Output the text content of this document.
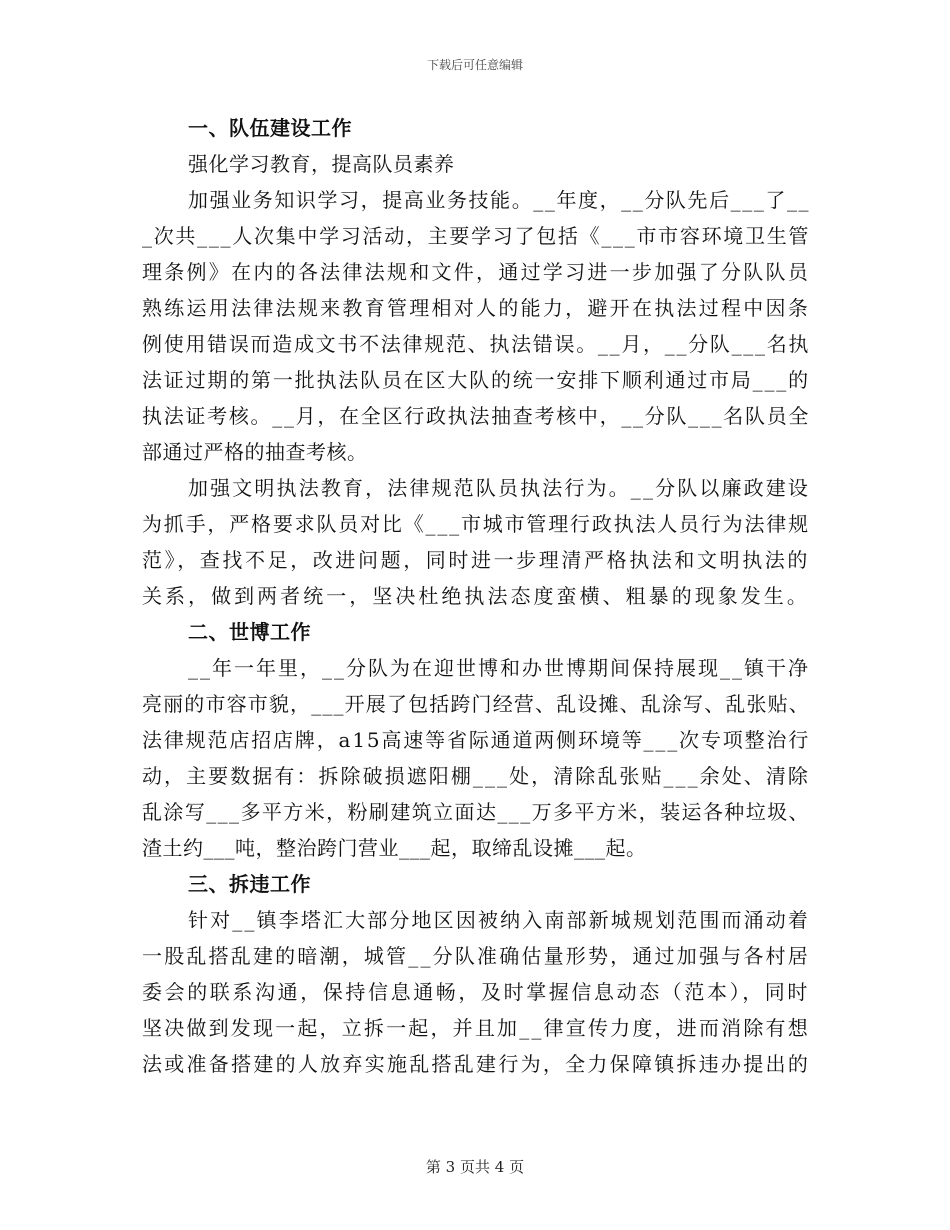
下载后可任意编辑
一、队伍建设工作
强化学习教育，提高队员素养
加强业务知识学习，提高业务技能。__年度，__分队先后___了__
_次共___人次集中学习活动，主要学习了包括《___市市容环境卫生管
理条例》在内的各法律法规和文件，通过学习进一步加强了分队队员
熟练运用法律法规来教育管理相对人的能力，避开在执法过程中因条
例使用错误而造成文书不法律规范、执法错误。__月，__分队___名执
法证过期的第一批执法队员在区大队的统一安排下顺利通过市局___的
执法证考核。__月，在全区行政执法抽查考核中，__分队___名队员全
部通过严格的抽查考核。
加强文明执法教育，法律规范队员执法行为。__分队以廉政建设
为抓手，严格要求队员对比《___市城市管理行政执法人员行为法律规
范》，查找不足，改进问题，同时进一步理清严格执法和文明执法的
关系，做到两者统一，坚决杜绝执法态度蛮横、粗暴的现象发生。
二、世博工作
__年一年里，__分队为在迎世博和办世博期间保持展现__镇干净
亮丽的市容市貌，___开展了包括跨门经营、乱设摊、乱涂写、乱张贴、
法律规范店招店牌，a15高速等省际通道两侧环境等___次专项整治行
动，主要数据有：拆除破损遮阳棚___处，清除乱张贴___余处、清除
乱涂写___多平方米，粉刷建筑立面达___万多平方米，装运各种垃圾、
渣土约___吨，整治跨门营业___起，取缔乱设摊___起。
三、拆违工作
针对__镇李塔汇大部分地区因被纳入南部新城规划范围而涌动着
一股乱搭乱建的暗潮，城管__分队准确估量形势，通过加强与各村居
委会的联系沟通，保持信息通畅，及时掌握信息动态（范本），同时
坚决做到发现一起，立拆一起，并且加__律宣传力度，进而消除有想
法或准备搭建的人放弃实施乱搭乱建行为，全力保障镇拆违办提出的
第 3 页共 4 页
